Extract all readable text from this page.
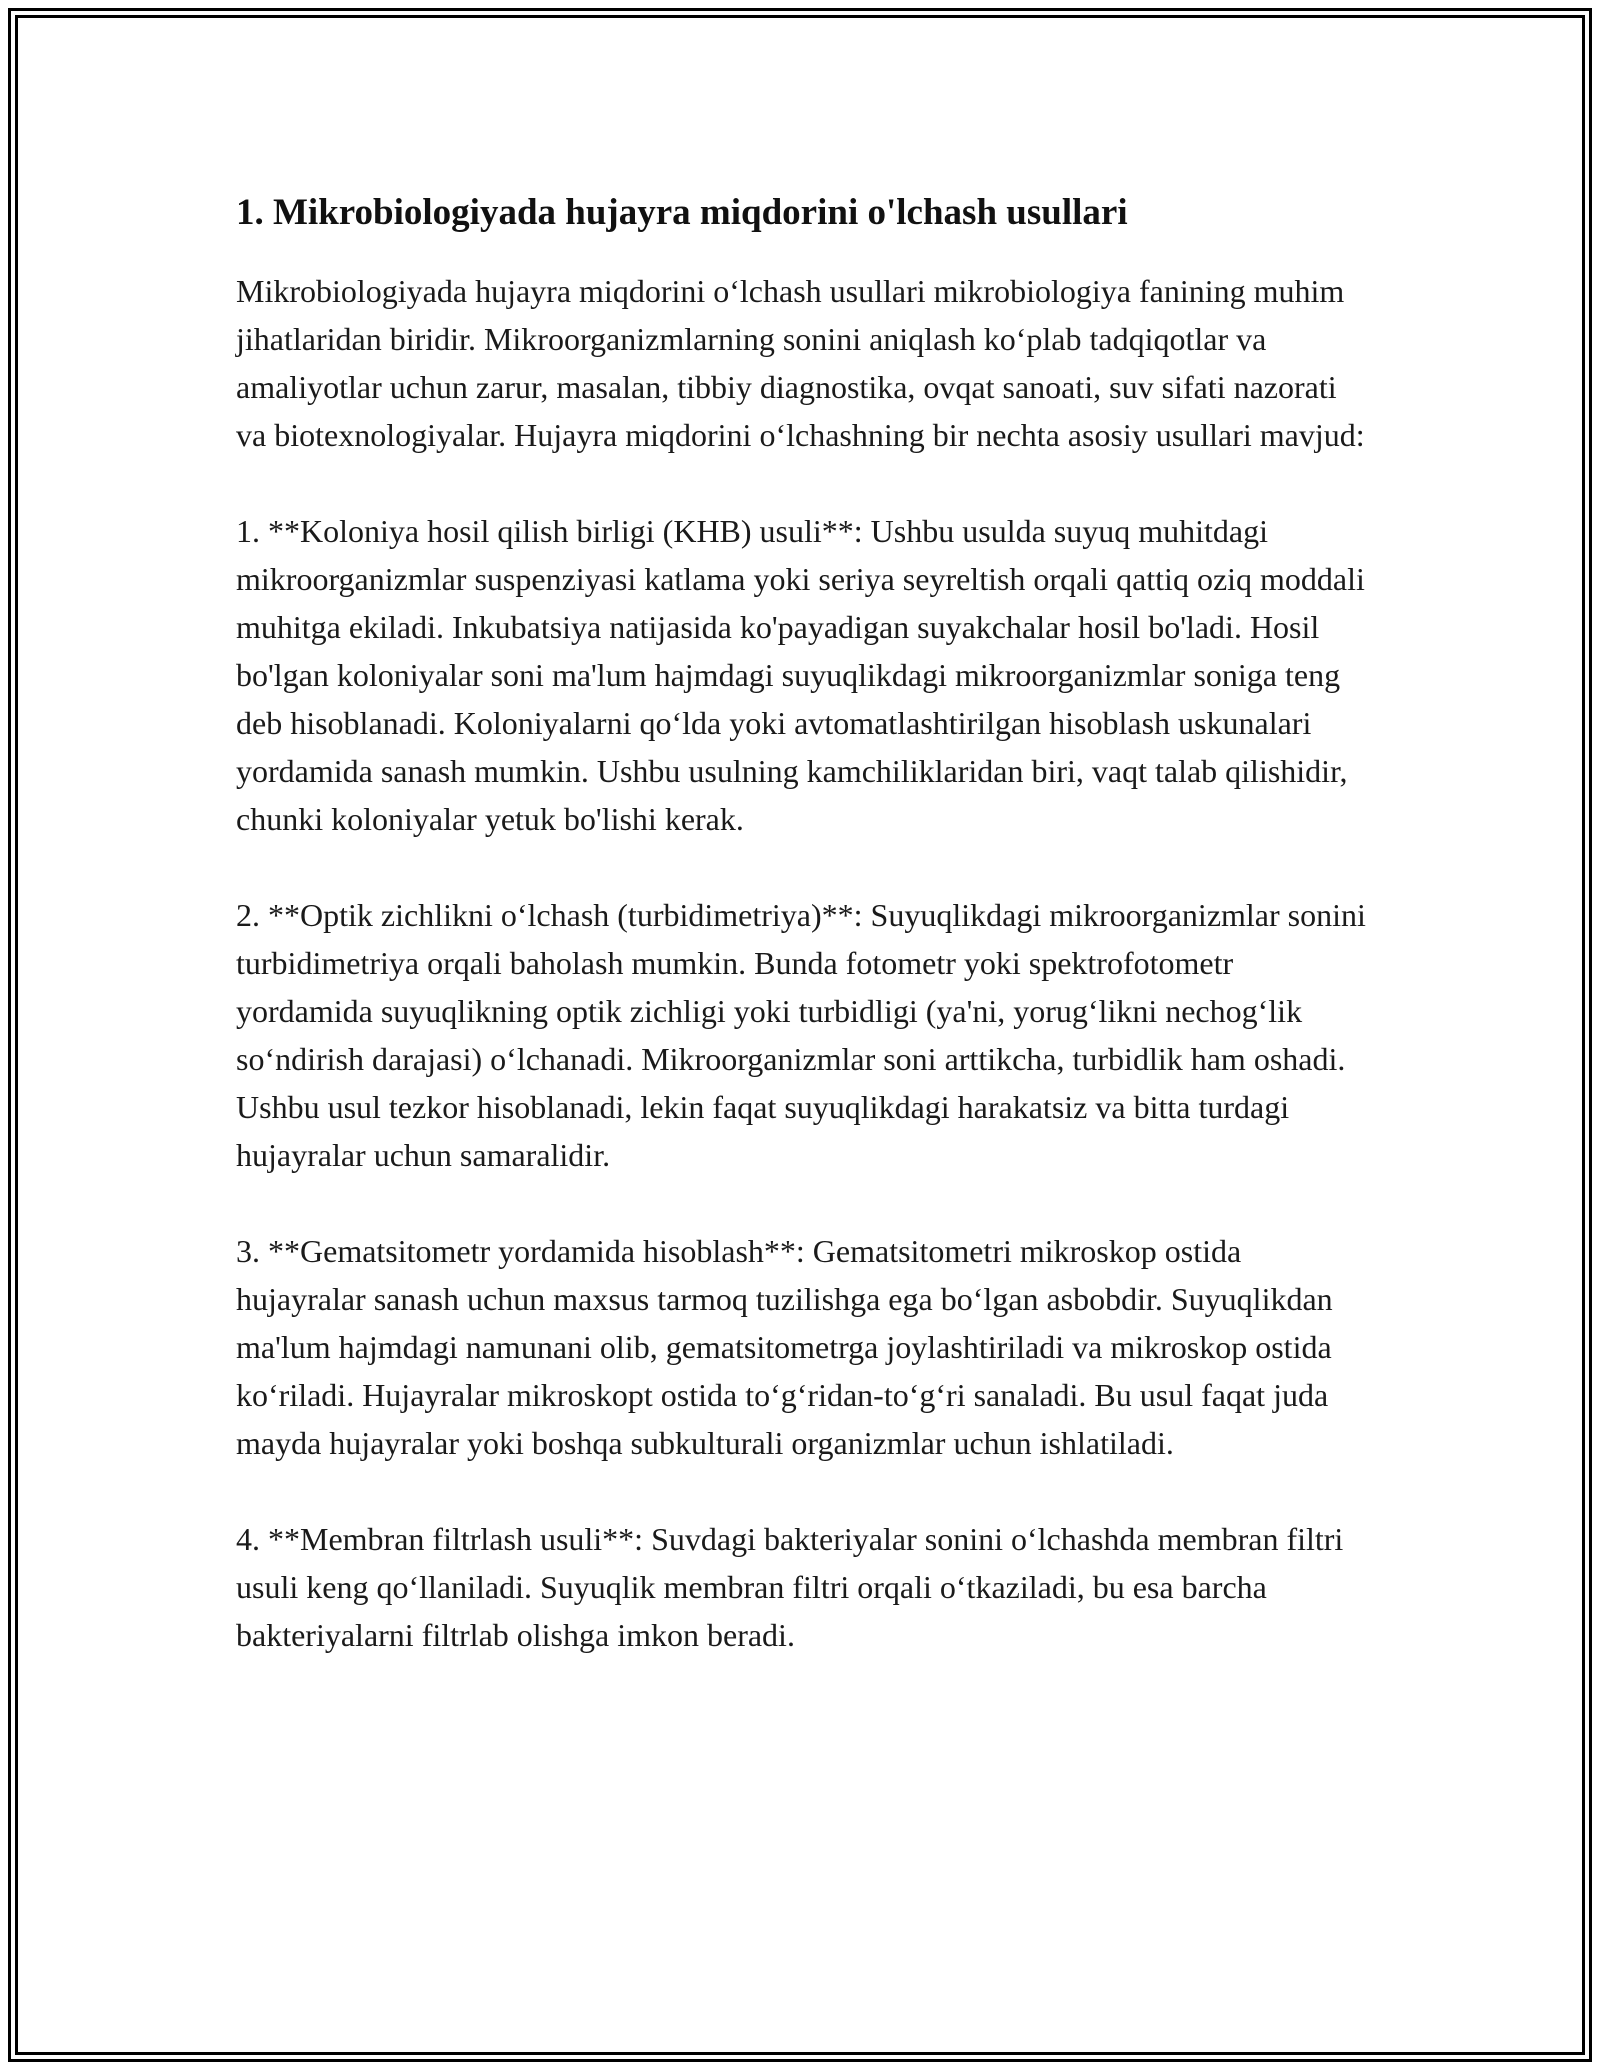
1. Mikrobiologiyada hujayra miqdorini o'lchash usullari

Mikrobiologiyada hujayra miqdorini o‘lchash usullari mikrobiologiya fanining muhim jihatlaridan biridir. Mikroorganizmlarning sonini aniqlash ko‘plab tadqiqotlar va amaliyotlar uchun zarur, masalan, tibbiy diagnostika, ovqat sanoati, suv sifati nazorati va biotexnologiyalar. Hujayra miqdorini o‘lchashning bir nechta asosiy usullari mavjud:

1. **Koloniya hosil qilish birligi (KHB) usuli**: Ushbu usulda suyuq muhitdagi mikroorganizmlar suspenziyasi katlama yoki seriya seyreltish orqali qattiq oziq moddali muhitga ekiladi. Inkubatsiya natijasida ko'payadigan suyakchalar hosil bo'ladi. Hosil bo'lgan koloniyalar soni ma'lum hajmdagi suyuqlikdagi mikroorganizmlar soniga teng deb hisoblanadi. Koloniyalarni qo‘lda yoki avtomatlashtirilgan hisoblash uskunalari yordamida sanash mumkin. Ushbu usulning kamchiliklaridan biri, vaqt talab qilishidir, chunki koloniyalar yetuk bo'lishi kerak.

2. **Optik zichlikni o‘lchash (turbidimetriya)**: Suyuqlikdagi mikroorganizmlar sonini turbidimetriya orqali baholash mumkin. Bunda fotometr yoki spektrofotometr yordamida suyuqlikning optik zichligi yoki turbidligi (ya'ni, yorug‘likni nechog‘lik so‘ndirish darajasi) o‘lchanadi. Mikroorganizmlar soni arttikcha, turbidlik ham oshadi. Ushbu usul tezkor hisoblanadi, lekin faqat suyuqlikdagi harakatsiz va bitta turdagi hujayralar uchun samaralidir.

3. **Gematsitometr yordamida hisoblash**: Gematsitometri mikroskop ostida hujayralar sanash uchun maxsus tarmoq tuzilishga ega bo‘lgan asbobdir. Suyuqlikdan ma'lum hajmdagi namunani olib, gematsitometrga joylashtiriladi va mikroskop ostida ko‘riladi. Hujayralar mikroskopt ostida to‘g‘ridan-to‘g‘ri sanaladi. Bu usul faqat juda mayda hujayralar yoki boshqa subkulturali organizmlar uchun ishlatiladi.

4. **Membran filtrlash usuli**: Suvdagi bakteriyalar sonini o‘lchashda membran filtri usuli keng qo‘llaniladi. Suyuqlik membran filtri orqali o‘tkaziladi, bu esa barcha bakteriyalarni filtrlab olishga imkon beradi.
